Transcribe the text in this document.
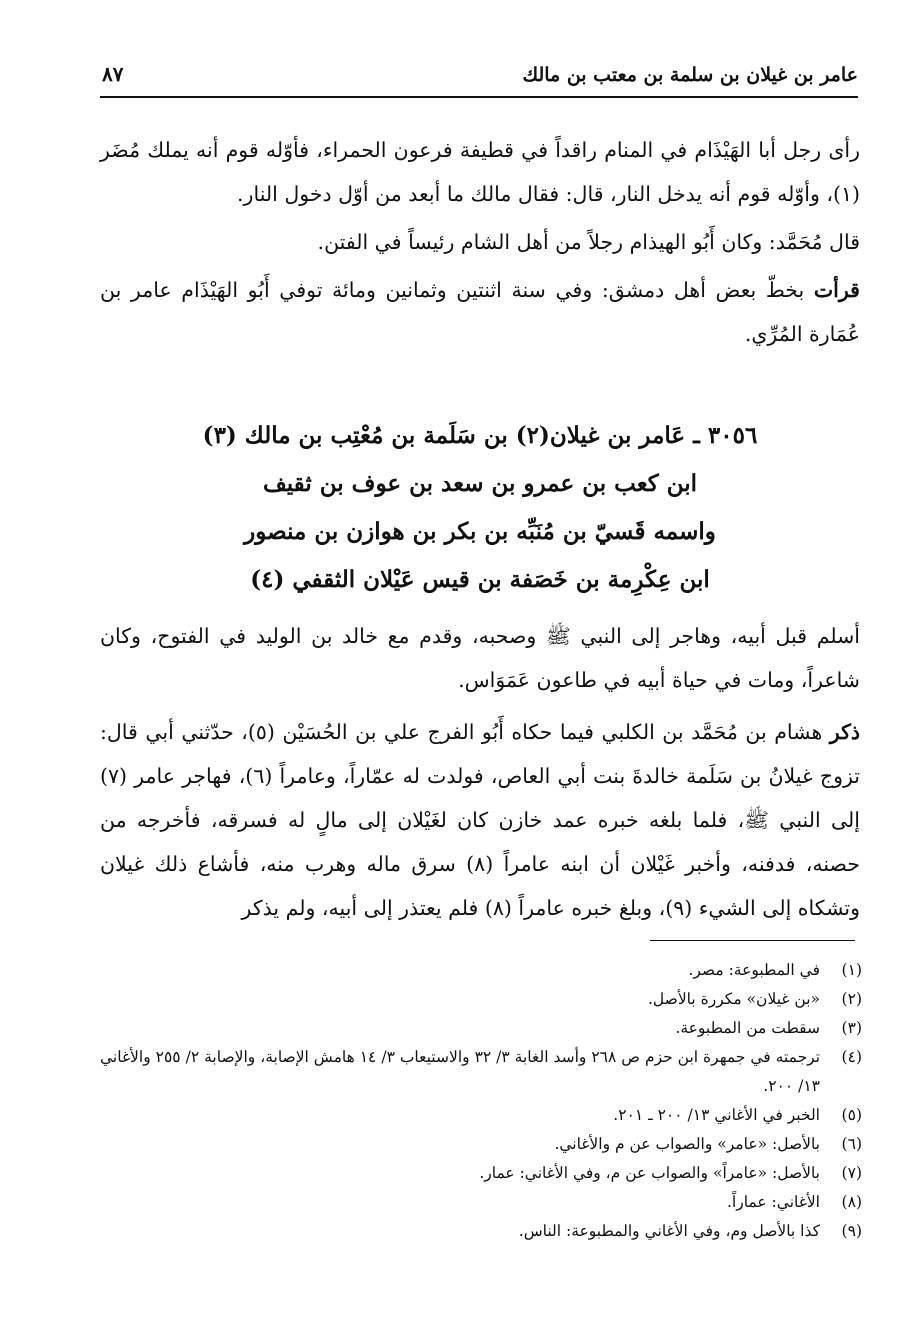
عامر بن غيلان بن سلمة بن معتب بن مالك
٨٧

رأى رجل أبا الهَيْذَام في المنام راقداً في قطيفة فرعون الحمراء، فأوّله قوم أنه يملك مُضَر (١)، وأوّله قوم أنه يدخل النار، قال: فقال مالك ما أبعد من أوّل دخول النار.

قال مُحَمَّد: وكان أَبُو الهيذام رجلاً من أهل الشام رئيساً في الفتن.

قرأت بخطّ بعض أهل دمشق: وفي سنة اثنتين وثمانين ومائة توفي أَبُو الهَيْذَام عامر بن عُمَارة المُرِّي.

٣٠٥٦ ـ عَامر بن غيلان(٢) بن سَلَمة بن مُعْتِب بن مالك (٣)
ابن كعب بن عمرو بن سعد بن عوف بن ثقيف
واسمه قَسيّ بن مُنَبِّه بن بكر بن هوازن بن منصور
ابن عِكْرِمة بن خَصَفة بن قيس عَيْلان الثقفي (٤)

أسلم قبل أبيه، وهاجر إلى النبي ﷺ وصحبه، وقدم مع خالد بن الوليد في الفتوح، وكان شاعراً، ومات في حياة أبيه في طاعون عَمَوَاس.

ذكر هشام بن مُحَمَّد بن الكلبي فيما حكاه أَبُو الفرج علي بن الحُسَيْن (٥)، حدّثني أبي قال: تزوج غيلانُ بن سَلَمة خالدةَ بنت أبي العاص، فولدت له عمّاراً، وعامراً (٦)، فهاجر عامر (٧) إلى النبي ﷺ، فلما بلغه خبره عمد خازن كان لغَيْلان إلى مالٍ له فسرقه، فأخرجه من حصنه، فدفنه، وأخبر غَيْلان أن ابنه عامراً (٨) سرق ماله وهرب منه، فأشاع ذلك غيلان وتشكاه إلى الشيء (٩)، وبلغ خبره عامراً (٨) فلم يعتذر إلى أبيه، ولم يذكر

(١)
في المطبوعة: مصر.
(٢)
«بن غيلان» مكررة بالأصل.
(٣)
سقطت من المطبوعة.
(٤)
ترجمته في جمهرة ابن حزم ص ٢٦٨ وأسد الغابة ٣/ ٣٢ والاستيعاب ٣/ ١٤ هامش الإصابة، والإصابة ٢/ ٢٥٥ والأغاني ١٣/ ٢٠٠.
(٥)
الخبر في الأغاني ١٣/ ٢٠٠ ـ ٢٠١.
(٦)
بالأصل: «عامر» والصواب عن م والأغاني.
(٧)
بالأصل: «عامراً» والصواب عن م، وفي الأغاني: عمار.
(٨)
الأغاني: عماراً.
(٩)
كذا بالأصل وم، وفي الأغاني والمطبوعة: الناس.
